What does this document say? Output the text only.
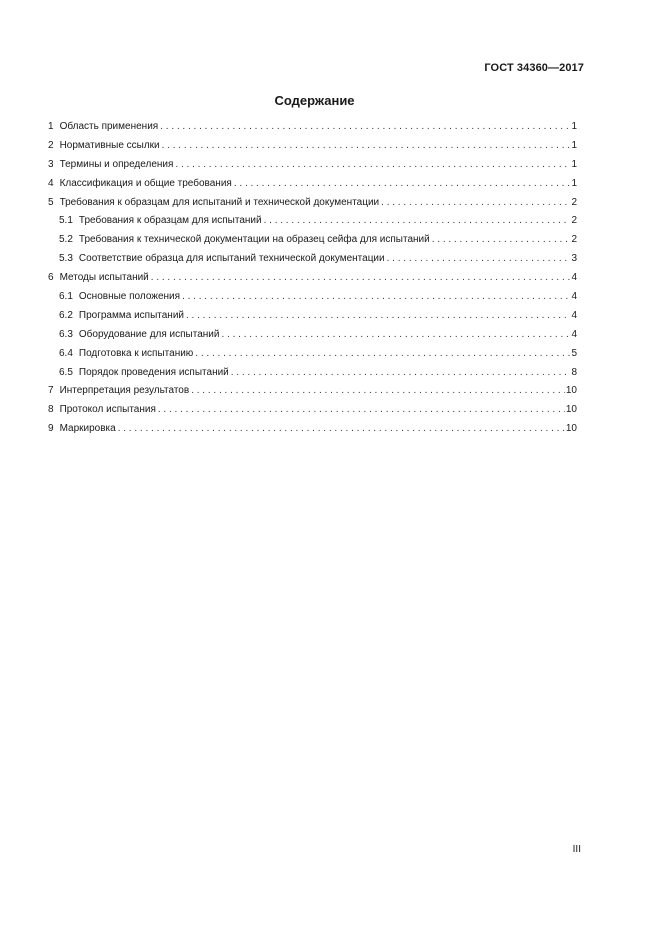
ГОСТ 34360—2017
Содержание
1 Область применения . . .	1
2 Нормативные ссылки . . .	1
3 Термины и определения . . .	1
4 Классификация и общие требования . . .	1
5 Требования к образцам для испытаний и технической документации . . .	2
5.1 Требования к образцам для испытаний . . .	2
5.2 Требования к технической документации на образец сейфа для испытаний . . .	2
5.3 Соответствие образца для испытаний технической документации . . .	3
6 Методы испытаний . . .	4
6.1 Основные положения . . .	4
6.2 Программа испытаний . . .	4
6.3 Оборудование для испытаний . . .	4
6.4 Подготовка к испытанию . . .	5
6.5 Порядок проведения испытаний . . .	8
7 Интерпретация результатов . . .	10
8 Протокол испытания . . .	10
9 Маркировка . . .	10
III
